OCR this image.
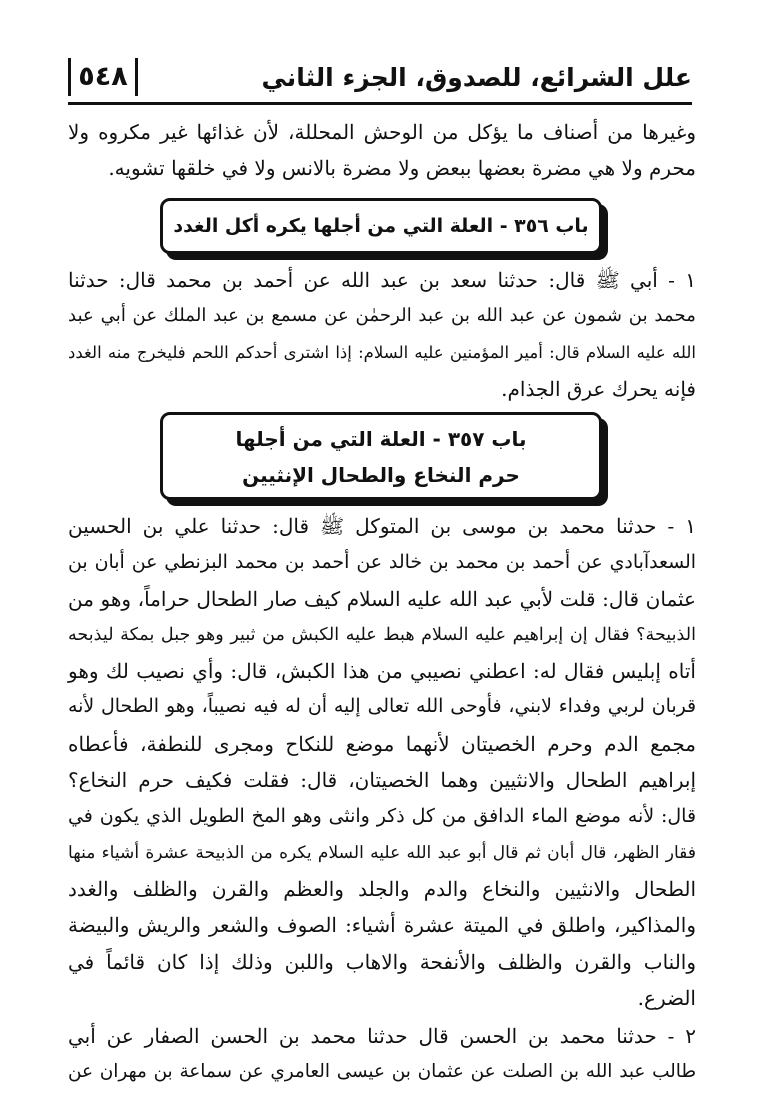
٥٤٨	علل الشرائع، للصدوق، الجزء الثاني
وغيرها من أصناف ما يؤكل من الوحش المحللة، لأن غذائها غير مكروه ولا
محرم ولا هي مضرة بعضها ببعض ولا مضرة بالانس ولا في خلقها تشويه.
باب ٣٥٦ - العلة التي من أجلها يكره أكل الغدد
١ - أبي ﷺ قال: حدثنا سعد بن عبد الله عن أحمد بن محمد قال: حدثنا
محمد بن شمون عن عبد الله بن عبد الرحمٰن عن مسمع بن عبد الملك عن أبي عبد
الله عليه السلام قال: أمير المؤمنين عليه السلام: إذا اشترى أحدكم اللحم فليخرج منه الغدد
فإنه يحرك عرق الجذام.
باب ٣٥٧ - العلة التي من أجلها
حرم النخاع والطحال الإنثيين
١ - حدثنا محمد بن موسى بن المتوكل ﷺ قال: حدثنا علي بن الحسين
السعدآبادي عن أحمد بن محمد بن خالد عن أحمد بن محمد البزنطي عن أبان بن
عثمان قال: قلت لأبي عبد الله عليه السلام كيف صار الطحال حراماً، وهو من
الذبيحة؟ فقال إن إبراهيم عليه السلام هبط عليه الكبش من ثبير وهو جبل بمكة ليذبحه
أتاه إبليس فقال له: اعطني نصيبي من هذا الكبش، قال: وأي نصيب لك وهو
قربان لربي وفداء لابني، فأوحى الله تعالى إليه أن له فيه نصيباً، وهو الطحال لأنه
مجمع الدم وحرم الخصيتان لأنهما موضع للنكاح ومجرى للنطفة، فأعطاه
إبراهيم الطحال والانثيين وهما الخصيتان، قال: فقلت فكيف حرم النخاع؟
قال: لأنه موضع الماء الدافق من كل ذكر وانثى وهو المخ الطويل الذي يكون في
فقار الظهر، قال أبان ثم قال أبو عبد الله عليه السلام يكره من الذبيحة عشرة أشياء منها
الطحال والانثيين والنخاع والدم والجلد والعظم والقرن والظلف والغدد
والمذاكير، واطلق في الميتة عشرة أشياء: الصوف والشعر والريش والبيضة
والناب والقرن والظلف والأنفحة والاهاب واللبن وذلك إذا كان قائماً في
الضرع.
٢ - حدثنا محمد بن الحسن قال حدثنا محمد بن الحسن الصفار عن أبي
طالب عبد الله بن الصلت عن عثمان بن عيسى العامري عن سماعة بن مهران عن
